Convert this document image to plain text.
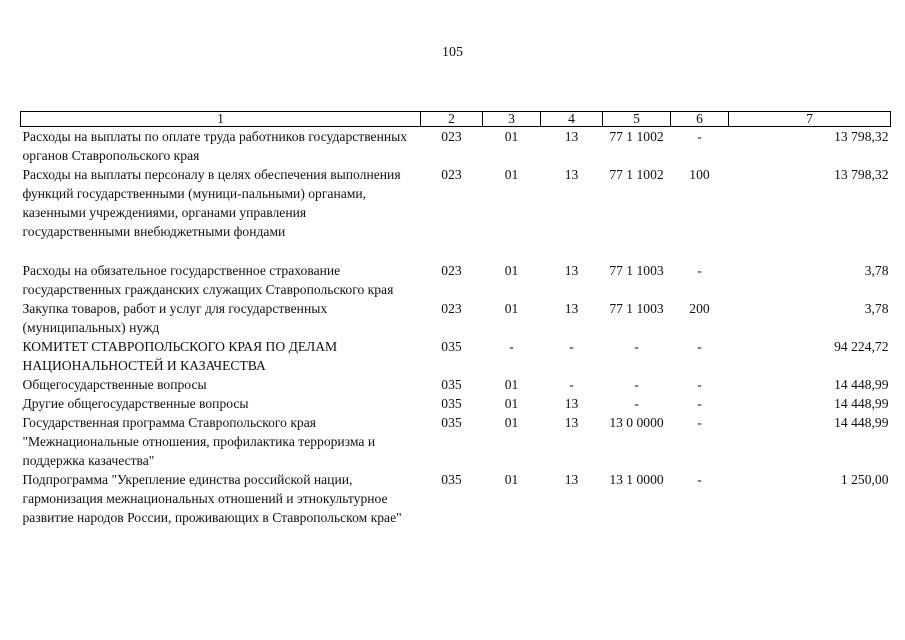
105
1	2	3	4	5	6	7
Расходы на выплаты по оплате труда работников государственных органов Ставропольского края	023	01	13	77 1 1002	-	13 798,32
Расходы на выплаты персоналу в целях обеспечения выполнения функций государственными (муници-пальными) органами, казенными учреждениями, органами управления государственными внебюджетными фондами	023	01	13	77 1 1002	100	13 798,32

Расходы на обязательное государственное страхование государственных гражданских служащих Ставропольского края	023	01	13	77 1 1003	-	3,78
Закупка товаров, работ и услуг для государственных (муниципальных) нужд	023	01	13	77 1 1003	200	3,78
КОМИТЕТ СТАВРОПОЛЬСКОГО КРАЯ ПО ДЕЛАМ НАЦИОНАЛЬНОСТЕЙ И КАЗАЧЕСТВА	035	-	-	-	-	94 224,72
Общегосударственные вопросы	035	01	-	-	-	14 448,99
Другие общегосударственные вопросы	035	01	13	-	-	14 448,99
Государственная программа Ставропольского края "Межнациональные отношения, профилактика терроризма и поддержка казачества"	035	01	13	13 0 0000	-	14 448,99
Подпрограмма "Укрепление единства российской нации, гармонизация межнациональных отношений и этнокультурное развитие народов России, проживающих в Ставропольском крае"	035	01	13	13 1 0000	-	1 250,00
